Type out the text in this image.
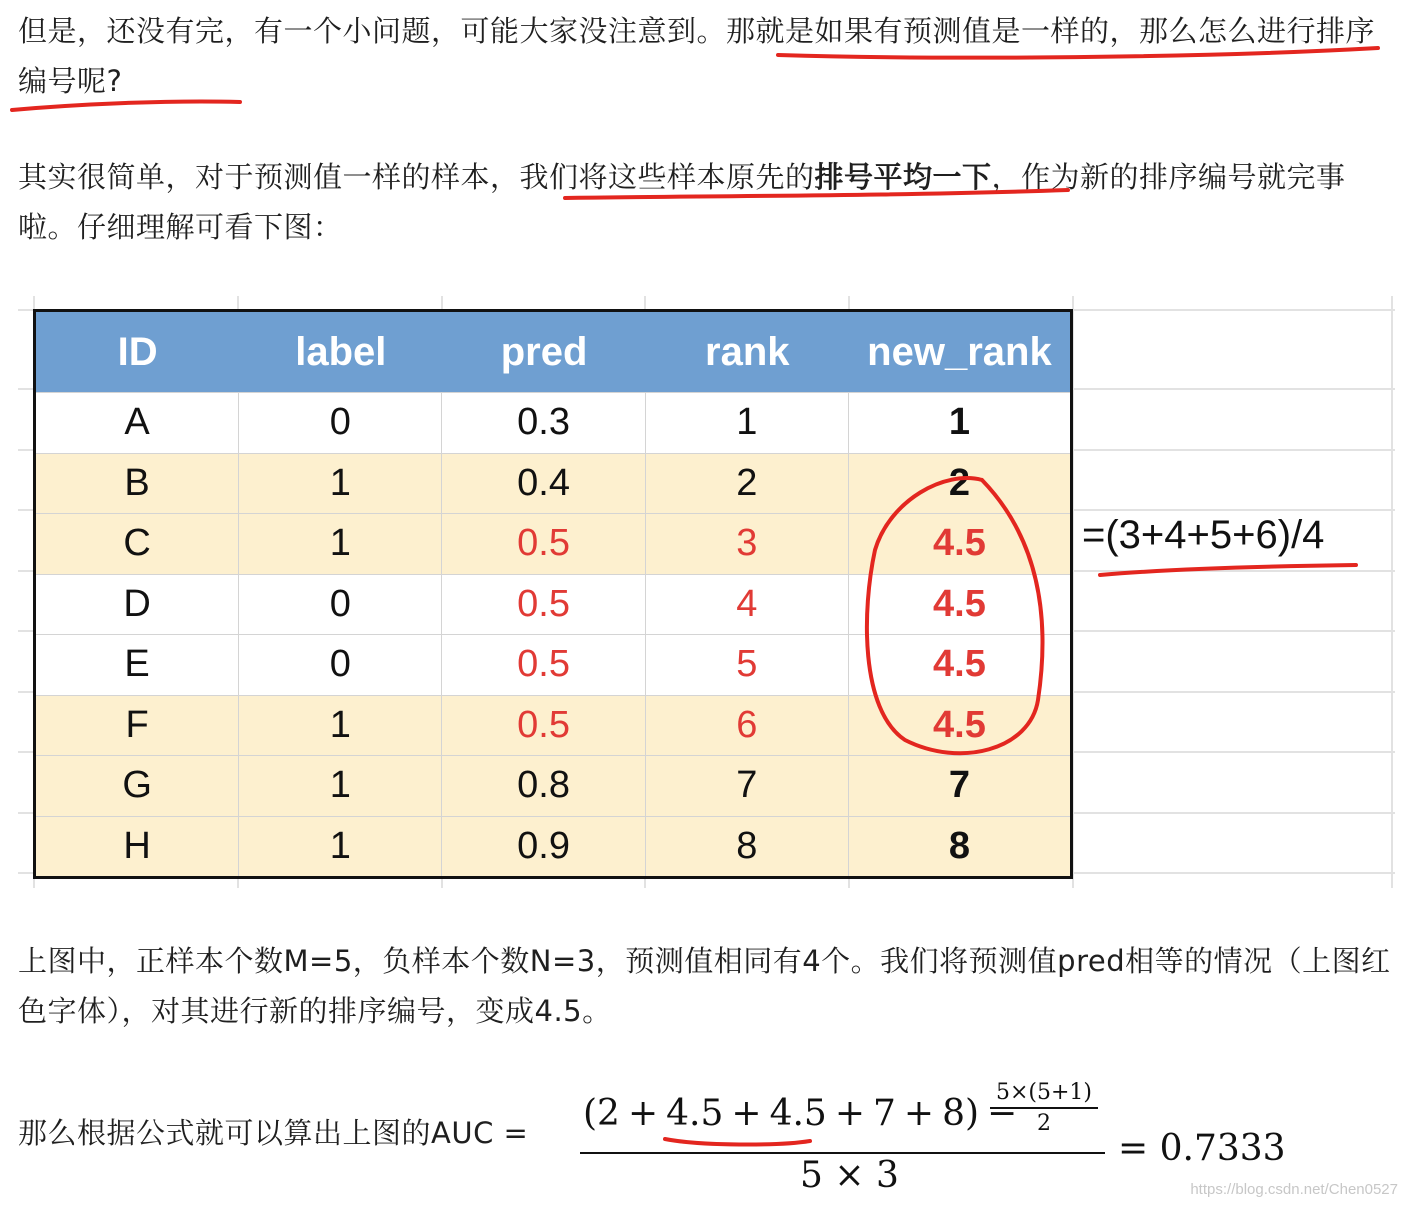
但是，还没有完，有一个小问题，可能大家没注意到。那就是如果有预测值是一样的，那么怎么进行排序编号呢?

其实很简单，对于预测值一样的样本，我们将这些样本原先的排号平均一下，作为新的排序编号就完事啦。仔细理解可看下图：

ID	label	pred	rank	new_rank
A	0	0.3	1	1
B	1	0.4	2	2
C	1	0.5	3	4.5
D	0	0.5	4	4.5
E	0	0.5	5	4.5
F	1	0.5	6	4.5
G	1	0.8	7	7
H	1	0.9	8	8
=(3+4+5+6)/4

上图中，正样本个数M=5，负样本个数N=3，预测值相同有4个。我们将预测值pred相等的情况（上图红色字体），对其进行新的排序编号，变成4.5。

那么根据公式就可以算出上图的AUC = (2 + 4.5 + 4.5 + 7 + 8) −
$\frac{5\times(5+1)}{2}$
5 × 3
= 0.7333
https://blog.csdn.net/Chen0527
